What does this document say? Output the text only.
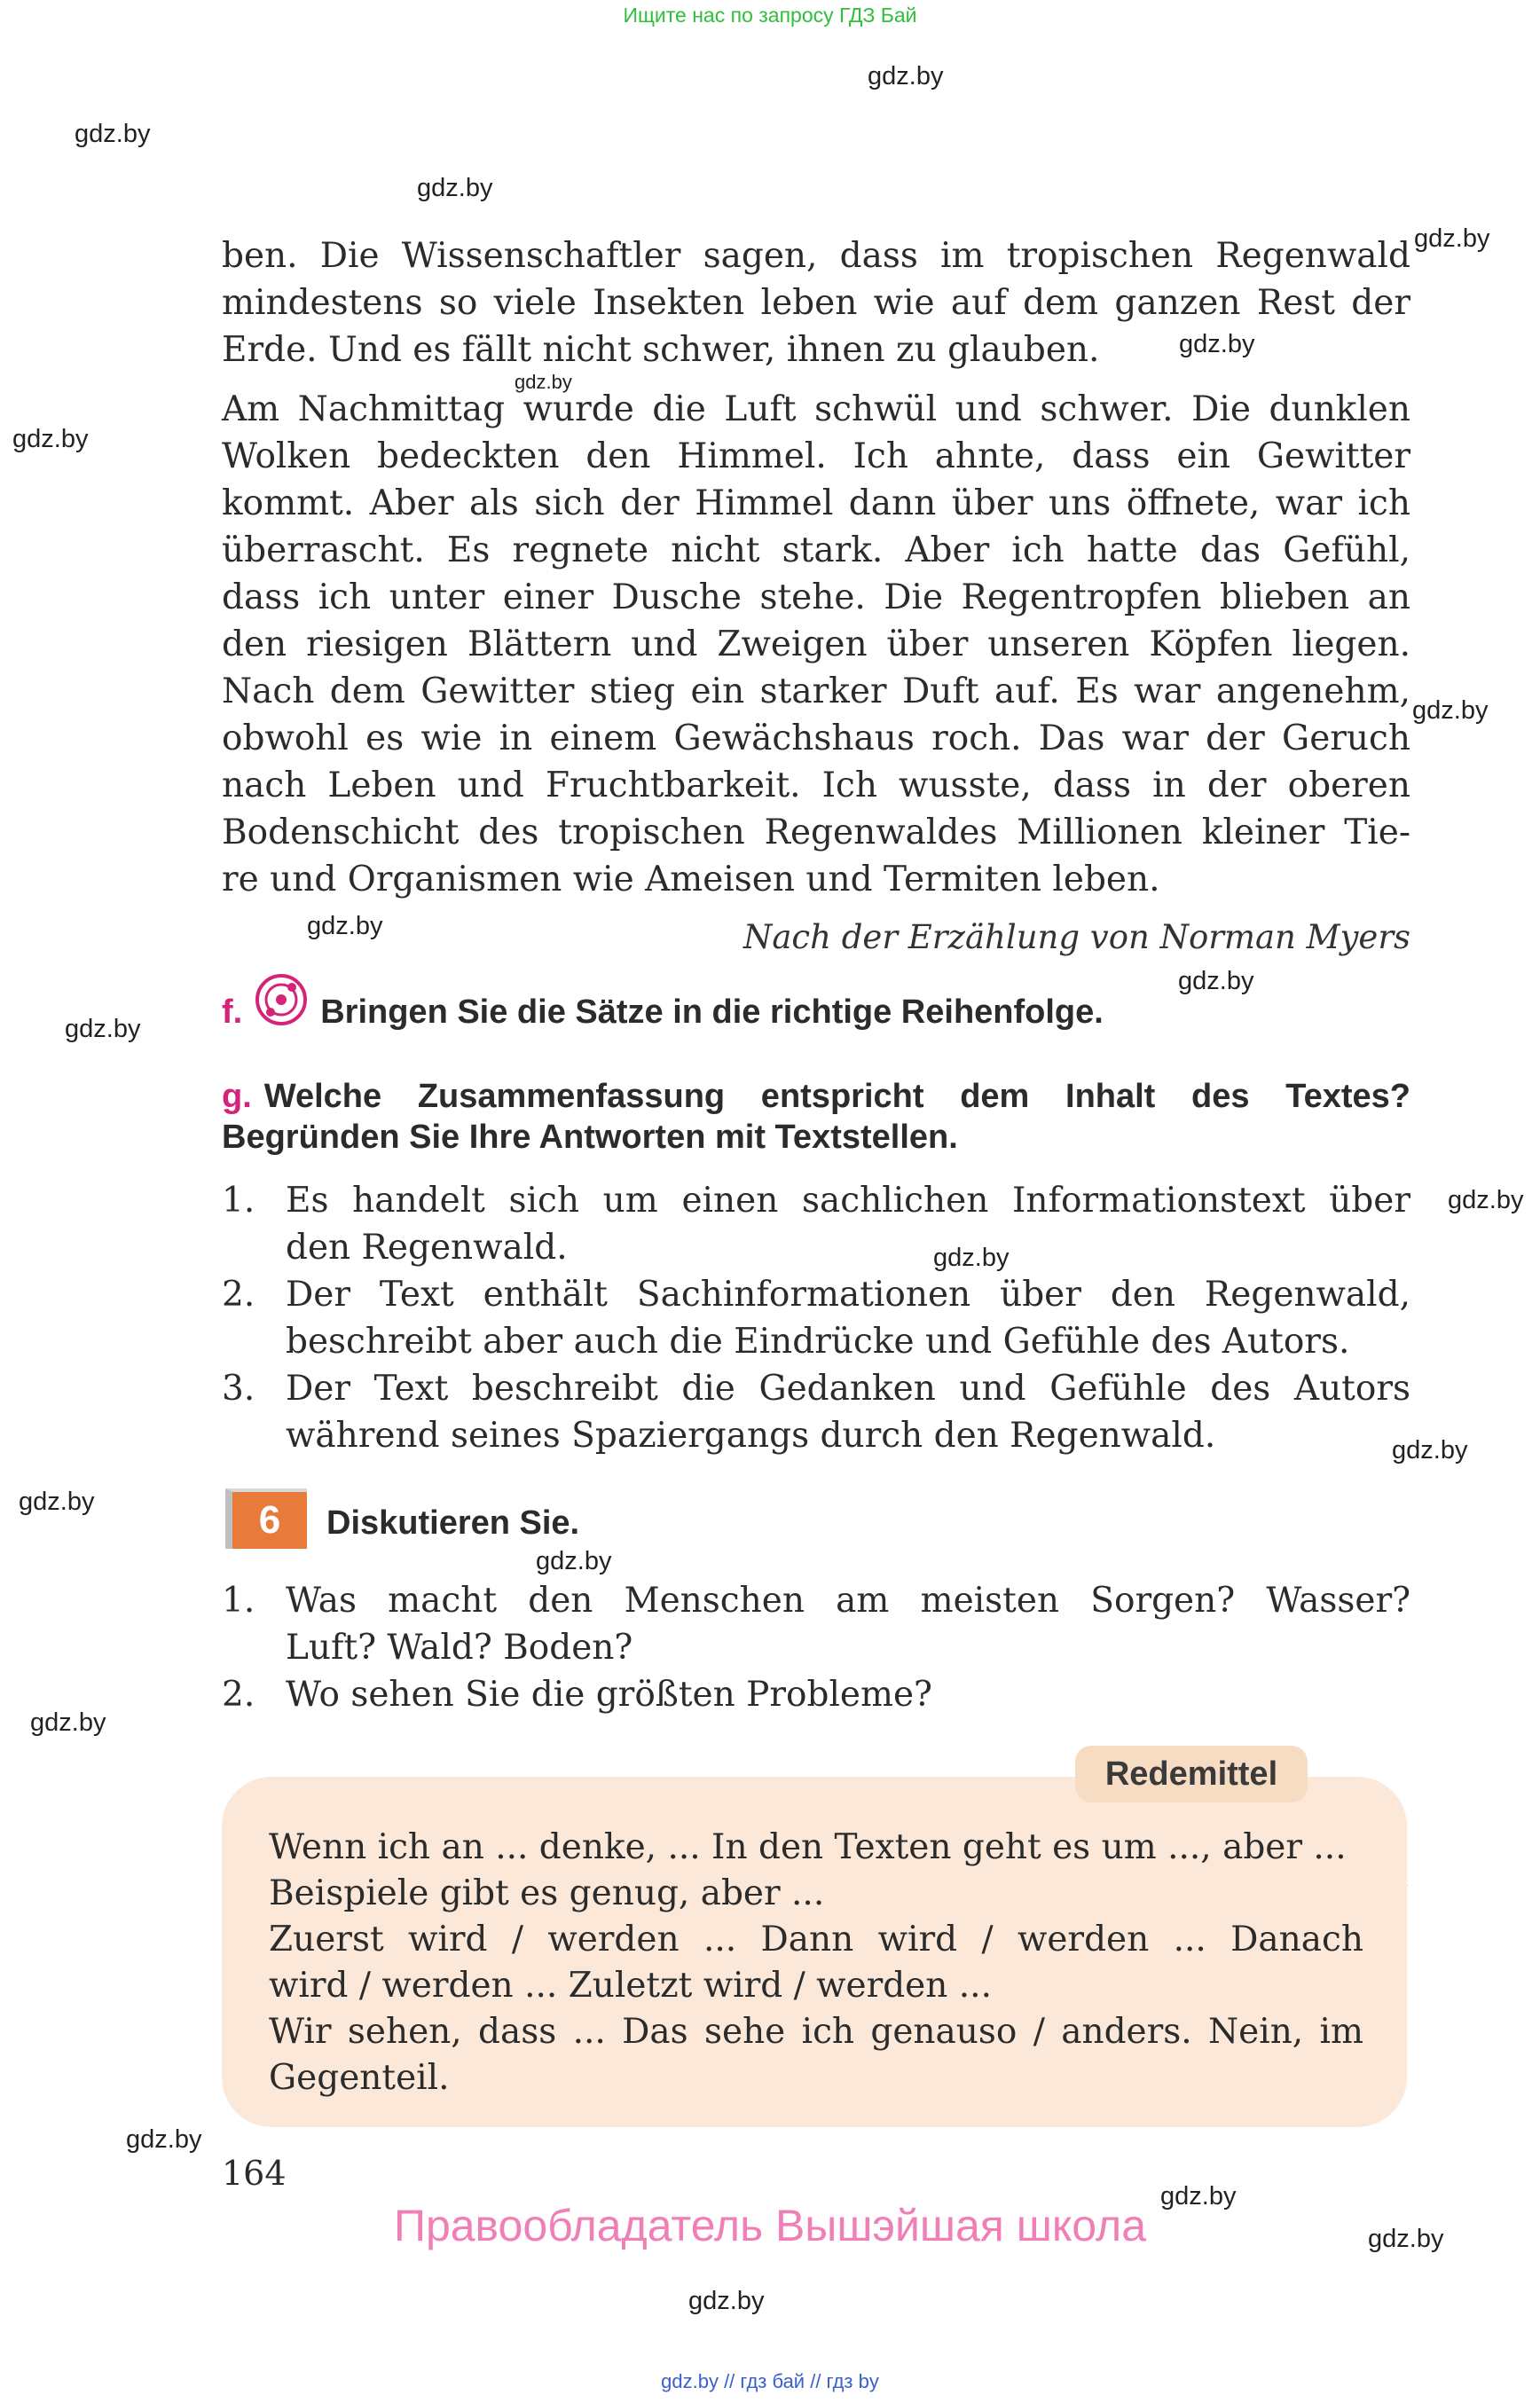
Ищите нас по запросу ГДЗ Бай
gdz.by
gdz.by
gdz.by
gdz.by
gdz.by
gdz.by
gdz.by
gdz.by
gdz.by
gdz.by
gdz.by
gdz.by
gdz.by
gdz.by
gdz.by
gdz.by
gdz.by
gdz.by
gdz.by
gdz.by
gdz.by
ben. Die Wissenschaftler sagen, dass im tropischen Regenwald
mindestens so viele Insekten leben wie auf dem ganzen Rest der
Erde. Und es fällt nicht schwer, ihnen zu glauben.
Am Nachmittag wurde die Luft schwül und schwer. Die dunklen
Wolken bedeckten den Himmel. Ich ahnte, dass ein Gewitter
kommt. Aber als sich der Himmel dann über uns öffnete, war ich
überrascht. Es regnete nicht stark. Aber ich hatte das Gefühl,
dass ich unter einer Dusche stehe. Die Regentropfen blieben an
den riesigen Blättern und Zweigen über unseren Köpfen liegen.
Nach dem Gewitter stieg ein starker Duft auf. Es war angenehm,
obwohl es wie in einem Gewächshaus roch. Das war der Geruch
nach Leben und Fruchtbarkeit. Ich wusste, dass in der oberen
Bodenschicht des tropischen Regenwaldes Millionen kleiner Tie-
re und Organismen wie Ameisen und Termiten leben.
Nach der Erzählung von Norman Myers
f. Bringen Sie die Sätze in die richtige Reihenfolge.
g. Welche Zusammenfassung entspricht dem Inhalt des Textes?
Begründen Sie Ihre Antworten mit Textstellen.
1. Es handelt sich um einen sachlichen Informationstext über
den Regenwald.
2. Der Text enthält Sachinformationen über den Regenwald,
beschreibt aber auch die Eindrücke und Gefühle des Autors.
3. Der Text beschreibt die Gedanken und Gefühle des Autors
während seines Spaziergangs durch den Regenwald.
6	Diskutieren Sie.
1. Was macht den Menschen am meisten Sorgen? Wasser?
Luft? Wald? Boden?
2. Wo sehen Sie die größten Probleme?
Redemittel
Wenn ich an ... denke, ... In den Texten geht es um ..., aber ...
Beispiele gibt es genug, aber ...
Zuerst wird / werden ... Dann wird / werden ... Danach
wird / werden ... Zuletzt wird / werden ...
Wir sehen, dass ... Das sehe ich genauso / anders. Nein, im
Gegenteil.
164
Правообладатель Вышэйшая школа
gdz.by // гдз бай // гдз by
